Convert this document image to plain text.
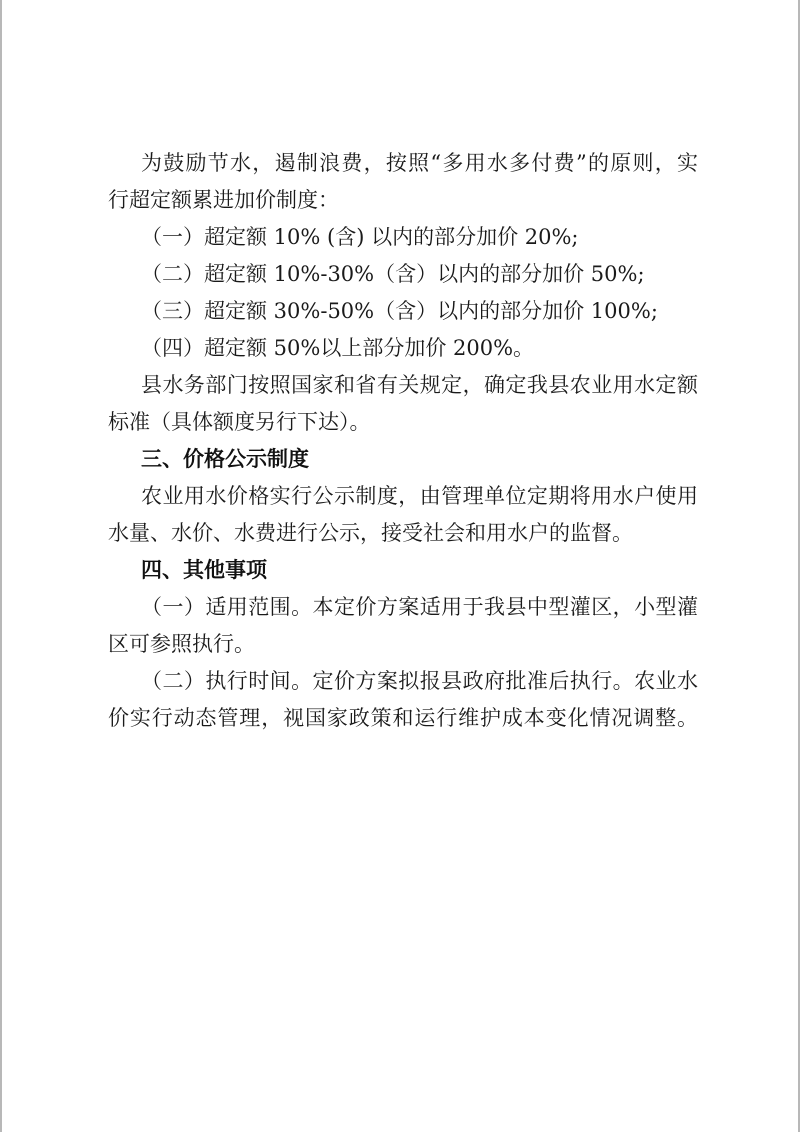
为鼓励节水，遏制浪费，按照“多用水多付费”的原则，实
行超定额累进加价制度：
（一）超定额 10% (含) 以内的部分加价 20%;
（二）超定额 10%-30%（含）以内的部分加价 50%;
（三）超定额 30%-50%（含）以内的部分加价 100%;
（四）超定额 50%以上部分加价 200%。
县水务部门按照国家和省有关规定，确定我县农业用水定额
标准（具体额度另行下达）。
三、价格公示制度
农业用水价格实行公示制度，由管理单位定期将用水户使用
水量、水价、水费进行公示，接受社会和用水户的监督。
四、其他事项
（一）适用范围。本定价方案适用于我县中型灌区，小型灌
区可参照执行。
（二）执行时间。定价方案拟报县政府批准后执行。农业水
价实行动态管理，视国家政策和运行维护成本变化情况调整。
